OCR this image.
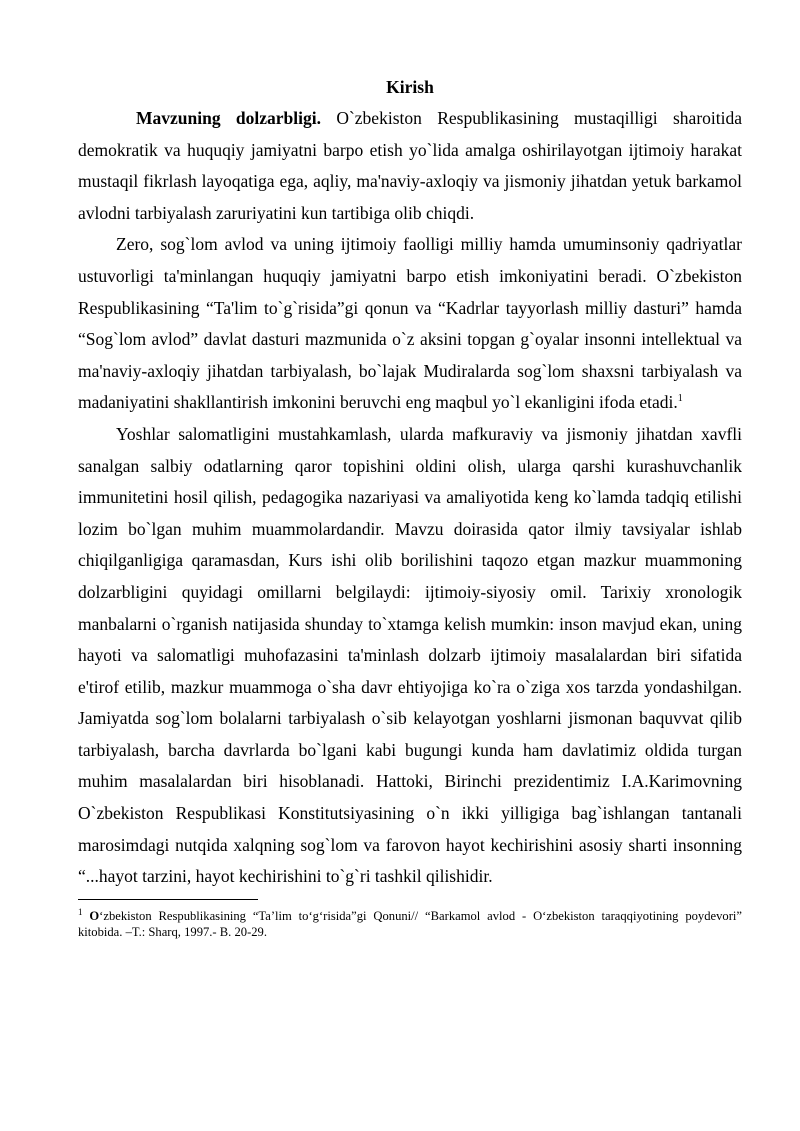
Kirish

Mavzuning dolzarbligi. O`zbekiston Respublikasining mustaqilligi sharoitida demokratik va huquqiy jamiyatni barpo etish yo`lida amalga oshirilayotgan ijtimoiy harakat mustaqil fikrlash layoqatiga ega, aqliy, ma'naviy-axloqiy va jismoniy jihatdan yetuk barkamol avlodni tarbiyalash zaruriyatini kun tartibiga olib chiqdi.

Zero, sog`lom avlod va uning ijtimoiy faolligi milliy hamda umuminsoniy qadriyatlar ustuvorligi ta'minlangan huquqiy jamiyatni barpo etish imkoniyatini beradi. O`zbekiston Respublikasining “Ta'lim to`g`risida”gi qonun va “Kadrlar tayyorlash milliy dasturi” hamda “Sog`lom avlod” davlat dasturi mazmunida o`z aksini topgan g`oyalar insonni intellektual va ma'naviy-axloqiy jihatdan tarbiyalash, bo`lajak Mudiralarda sog`lom shaxsni tarbiyalash va madaniyatini shakllantirish imkonini beruvchi eng maqbul yo`l ekanligini ifoda etadi.$^1$

Yoshlar salomatligini mustahkamlash, ularda mafkuraviy va jismoniy jihatdan xavfli sanalgan salbiy odatlarning qaror topishini oldini olish, ularga qarshi kurashuvchanlik immunitetini hosil qilish, pedagogika nazariyasi va amaliyotida keng ko`lamda tadqiq etilishi lozim bo`lgan muhim muammolardandir. Mavzu doirasida qator ilmiy tavsiyalar ishlab chiqilganligiga qaramasdan, Kurs ishi olib borilishini taqozo etgan mazkur muammoning dolzarbligini quyidagi omillarni belgilaydi: ijtimoiy-siyosiy omil. Tarixiy xronologik manbalarni o`rganish natijasida shunday to`xtamga kelish mumkin: inson mavjud ekan, uning hayoti va salomatligi muhofazasini ta'minlash dolzarb ijtimoiy masalalardan biri sifatida e'tirof etilib, mazkur muammoga o`sha davr ehtiyojiga ko`ra o`ziga xos tarzda yondashilgan. Jamiyatda sog`lom bolalarni tarbiyalash o`sib kelayotgan yoshlarni jismonan baquvvat qilib tarbiyalash, barcha davrlarda bo`lgani kabi bugungi kunda ham davlatimiz oldida turgan muhim masalalardan biri hisoblanadi. Hattoki, Birinchi prezidentimiz I.A.Karimovning O`zbekiston Respublikasi Konstitutsiyasining o`n ikki yilligiga bag`ishlangan tantanali marosimdagi nutqida xalqning sog`lom va farovon hayot kechirishini asosiy sharti insonning “...hayot tarzini, hayot kechirishini to`g`ri tashkil qilishidir.

$^1$ O‘zbekiston Respublikasining “Ta’lim to‘g‘risida”gi Qonuni// “Barkamol avlod - O‘zbekiston taraqqiyotining poydevori” kitobida. –T.: Sharq, 1997.- B. 20-29.
